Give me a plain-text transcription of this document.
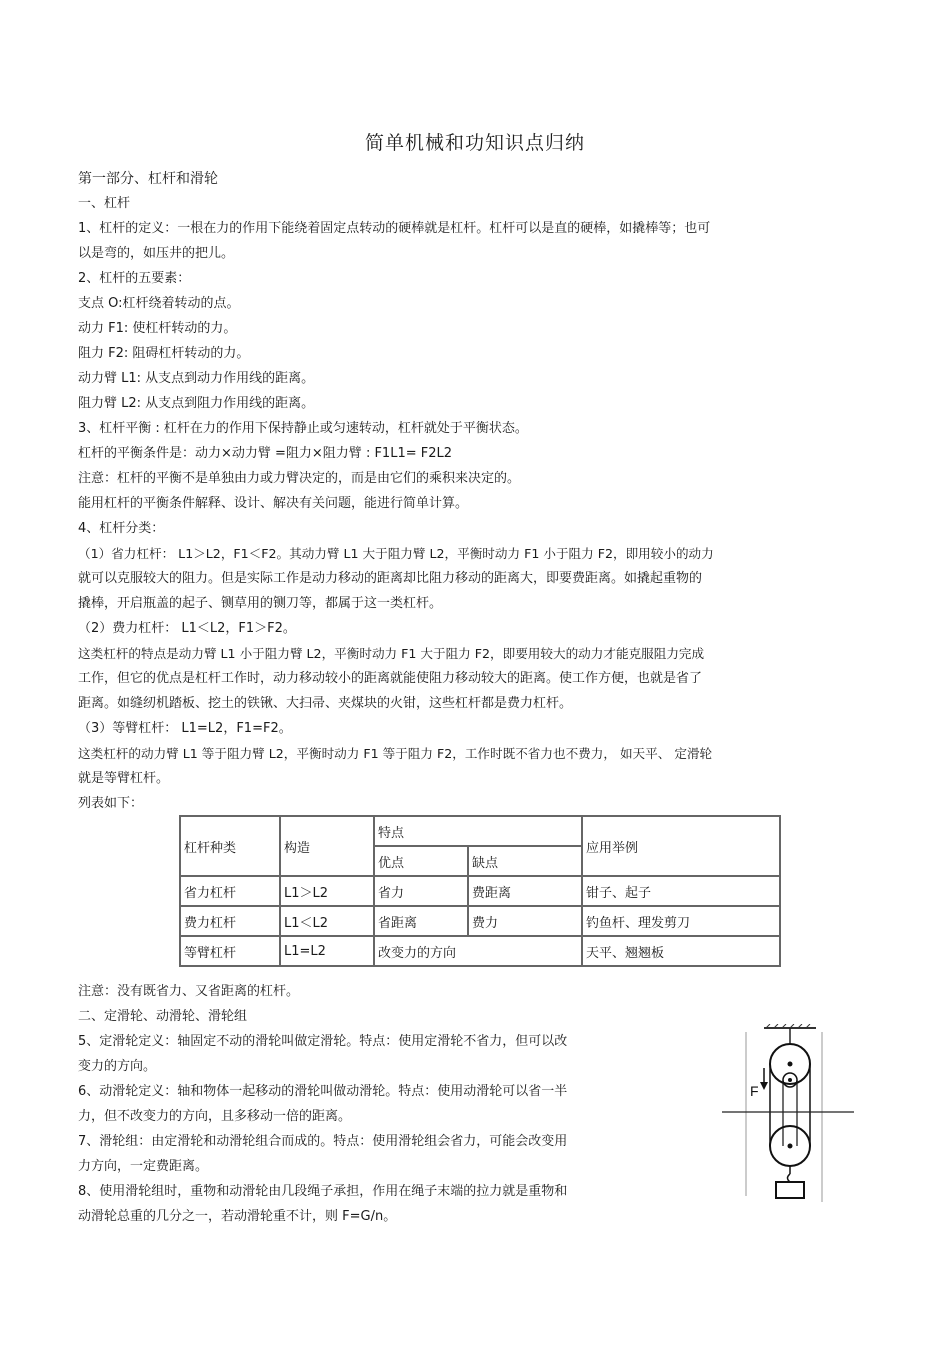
简单机械和功知识点归纳
第一部分、杠杆和滑轮
一、杠杆
1、杠杆的定义：一根在力的作用下能绕着固定点转动的硬棒就是杠杆。杠杆可以是直的硬棒，如撬棒等；也可
以是弯的，如压井的把儿。
2、杠杆的五要素：
支点 O:杠杆绕着转动的点。
动力 F1: 使杠杆转动的力。
阻力 F2: 阻碍杠杆转动的力。
动力臂 L1: 从支点到动力作用线的距离。
阻力臂 L2: 从支点到阻力作用线的距离。
3、杠杆平衡 : 杠杆在力的作用下保持静止或匀速转动，杠杆就处于平衡状态。
杠杆的平衡条件是：动力×动力臂 =阻力×阻力臂 : F1L1= F2L2
注意：杠杆的平衡不是单独由力或力臂决定的，而是由它们的乘积来决定的。
能用杠杆的平衡条件解释、设计、解决有关问题，能进行简单计算。
4、杠杆分类：
（1）省力杠杆： L1＞L2，F1＜F2。其动力臂 L1 大于阻力臂 L2，平衡时动力 F1 小于阻力 F2，即用较小的动力
就可以克服较大的阻力。但是实际工作是动力移动的距离却比阻力移动的距离大，即要费距离。如撬起重物的
撬棒，开启瓶盖的起子、铡草用的铡刀等，都属于这一类杠杆。
（2）费力杠杆： L1＜L2，F1＞F2。
这类杠杆的特点是动力臂 L1 小于阻力臂 L2，平衡时动力 F1 大于阻力 F2，即要用较大的动力才能克服阻力完成
工作，但它的优点是杠杆工作时，动力移动较小的距离就能使阻力移动较大的距离。使工作方便，也就是省了
距离。如缝纫机踏板、挖土的铁锹、大扫帚、夹煤块的火钳，这些杠杆都是费力杠杆。
（3）等臂杠杆： L1=L2，F1=F2。
这类杠杆的动力臂 L1 等于阻力臂 L2，平衡时动力 F1 等于阻力 F2，工作时既不省力也不费力， 如天平、 定滑轮
就是等臂杠杆。
列表如下：
杠杆种类	构造	特点		应用举例
		优点	缺点	
省力杠杆	L1＞L2	省力	费距离	钳子、起子
费力杠杆	L1＜L2	省距离	费力	钓鱼杆、理发剪刀
等臂杠杆	L1=L2	改变力的方向		天平、翘翘板
注意：没有既省力、又省距离的杠杆。
二、定滑轮、动滑轮、滑轮组
5、定滑轮定义：轴固定不动的滑轮叫做定滑轮。特点：使用定滑轮不省力，但可以改
变力的方向。
6、动滑轮定义：轴和物体一起移动的滑轮叫做动滑轮。特点：使用动滑轮可以省一半
力，但不改变力的方向，且多移动一倍的距离。
7、滑轮组：由定滑轮和动滑轮组合而成的。特点：使用滑轮组会省力，可能会改变用
力方向，一定费距离。
8、使用滑轮组时，重物和动滑轮由几段绳子承担，作用在绳子末端的拉力就是重物和
动滑轮总重的几分之一，若动滑轮重不计，则 F=G/n。
F
